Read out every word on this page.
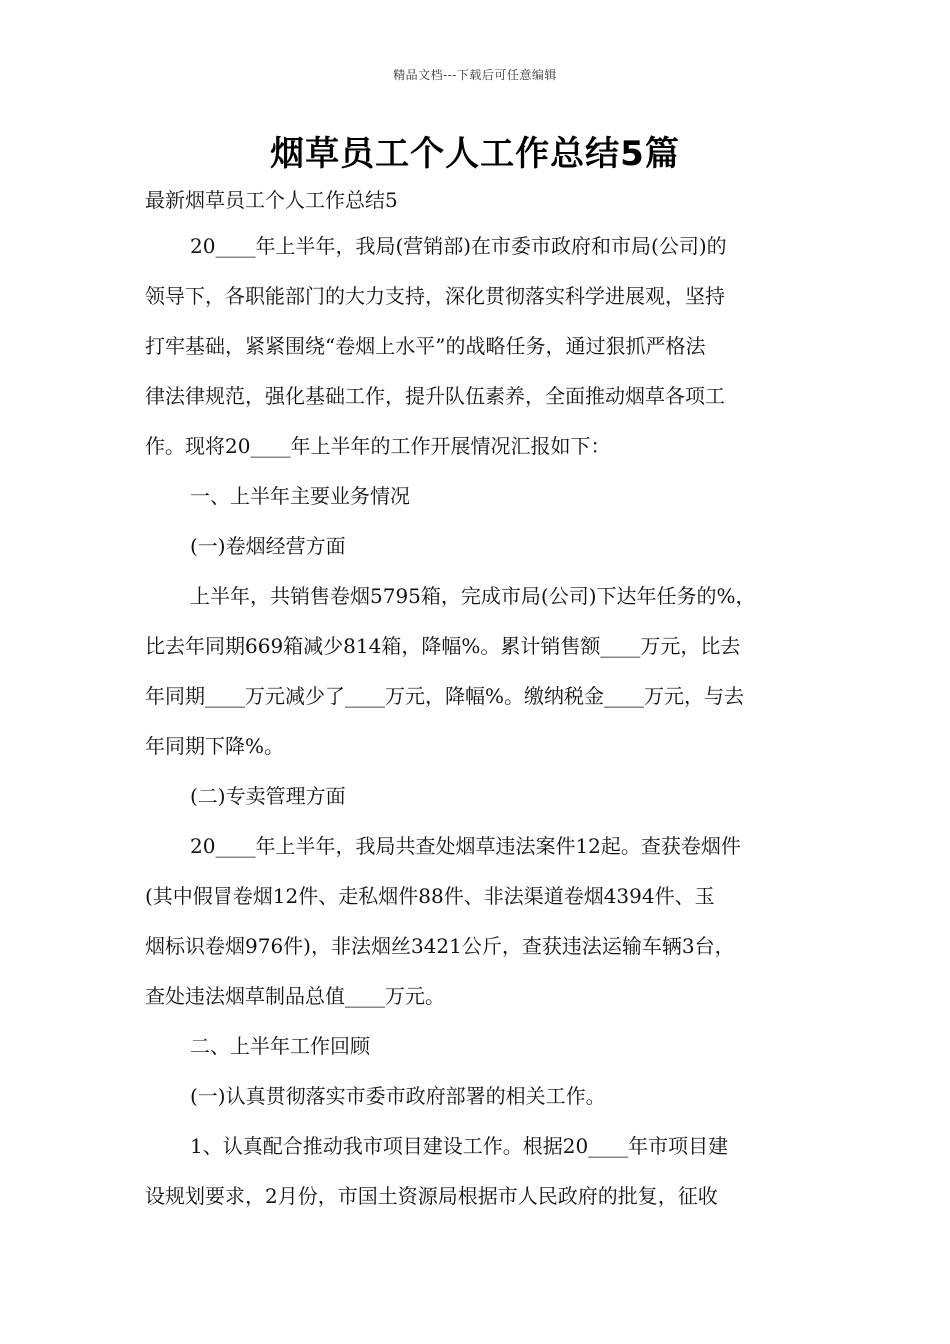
精品文档---下载后可任意编辑
烟草员工个人工作总结5篇
最新烟草员工个人工作总结5
20____年上半年，我局(营销部)在市委市政府和市局(公司)的
领导下，各职能部门的大力支持，深化贯彻落实科学进展观，坚持
打牢基础，紧紧围绕“卷烟上水平”的战略任务，通过狠抓严格法
律法律规范，强化基础工作，提升队伍素养，全面推动烟草各项工
作。现将20____年上半年的工作开展情况汇报如下：
一、上半年主要业务情况
(一)卷烟经营方面
上半年，共销售卷烟5795箱，完成市局(公司)下达年任务的%，
比去年同期669箱减少814箱，降幅%。累计销售额____万元，比去
年同期____万元减少了____万元，降幅%。缴纳税金____万元，与去
年同期下降%。
(二)专卖管理方面
20____年上半年，我局共查处烟草违法案件12起。查获卷烟件
(其中假冒卷烟12件、走私烟件88件、非法渠道卷烟4394件、玉
烟标识卷烟976件)，非法烟丝3421公斤，查获违法运输车辆3台，
查处违法烟草制品总值____万元。
二、上半年工作回顾
(一)认真贯彻落实市委市政府部署的相关工作。
1、认真配合推动我市项目建设工作。根据20____年市项目建
设规划要求，2月份，市国土资源局根据市人民政府的批复，征收
